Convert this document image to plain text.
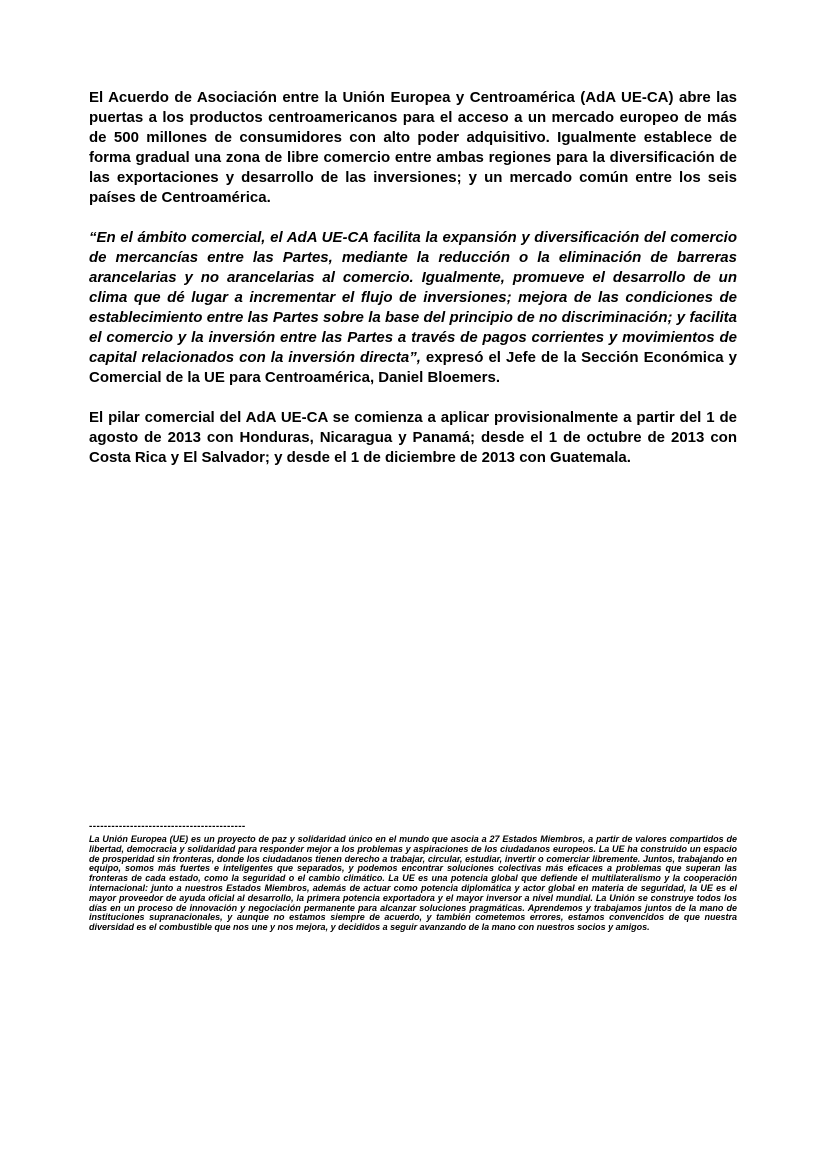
El Acuerdo de Asociación entre la Unión Europea y Centroamérica (AdA UE-CA) abre las puertas a los productos centroamericanos para el acceso a un mercado europeo de más de 500 millones de consumidores con alto poder adquisitivo. Igualmente establece de forma gradual una zona de libre comercio entre ambas regiones para la diversificación de las exportaciones y desarrollo de las inversiones; y un mercado común entre los seis países de Centroamérica.

“En el ámbito comercial, el AdA UE-CA facilita la expansión y diversificación del comercio de mercancías entre las Partes, mediante la reducción o la eliminación de barreras arancelarias y no arancelarias al comercio. Igualmente, promueve el desarrollo de un clima que dé lugar a incrementar el flujo de inversiones; mejora de las condiciones de establecimiento entre las Partes sobre la base del principio de no discriminación; y facilita el comercio y la inversión entre las Partes a través de pagos corrientes y movimientos de capital relacionados con la inversión directa”, expresó el Jefe de la Sección Económica y Comercial de la UE para Centroamérica, Daniel Bloemers.

El pilar comercial del AdA UE-CA se comienza a aplicar provisionalmente a partir del 1 de agosto de 2013 con Honduras, Nicaragua y Panamá; desde el 1 de octubre de 2013 con Costa Rica y El Salvador; y desde el 1 de diciembre de 2013 con Guatemala.

------------------------------------------

La Unión Europea (UE) es un proyecto de paz y solidaridad único en el mundo que asocia a 27 Estados Miembros, a partir de valores compartidos de libertad, democracia y solidaridad para responder mejor a los problemas y aspiraciones de los ciudadanos europeos. La UE ha construido un espacio de prosperidad sin fronteras, donde los ciudadanos tienen derecho a trabajar, circular, estudiar, invertir o comerciar libremente. Juntos, trabajando en equipo, somos más fuertes e inteligentes que separados, y podemos encontrar soluciones colectivas más eficaces a problemas que superan las fronteras de cada estado, como la seguridad o el cambio climático. La UE es una potencia global que defiende el multilateralismo y la cooperación internacional: junto a nuestros Estados Miembros, además de actuar como potencia diplomática y actor global en materia de seguridad, la UE es el mayor proveedor de ayuda oficial al desarrollo, la primera potencia exportadora y el mayor inversor a nivel mundial. La Unión se construye todos los días en un proceso de innovación y negociación permanente para alcanzar soluciones pragmáticas. Aprendemos y trabajamos juntos de la mano de instituciones supranacionales, y aunque no estamos siempre de acuerdo, y también cometemos errores, estamos convencidos de que nuestra diversidad es el combustible que nos une y nos mejora, y decididos a seguir avanzando de la mano con nuestros socios y amigos.
